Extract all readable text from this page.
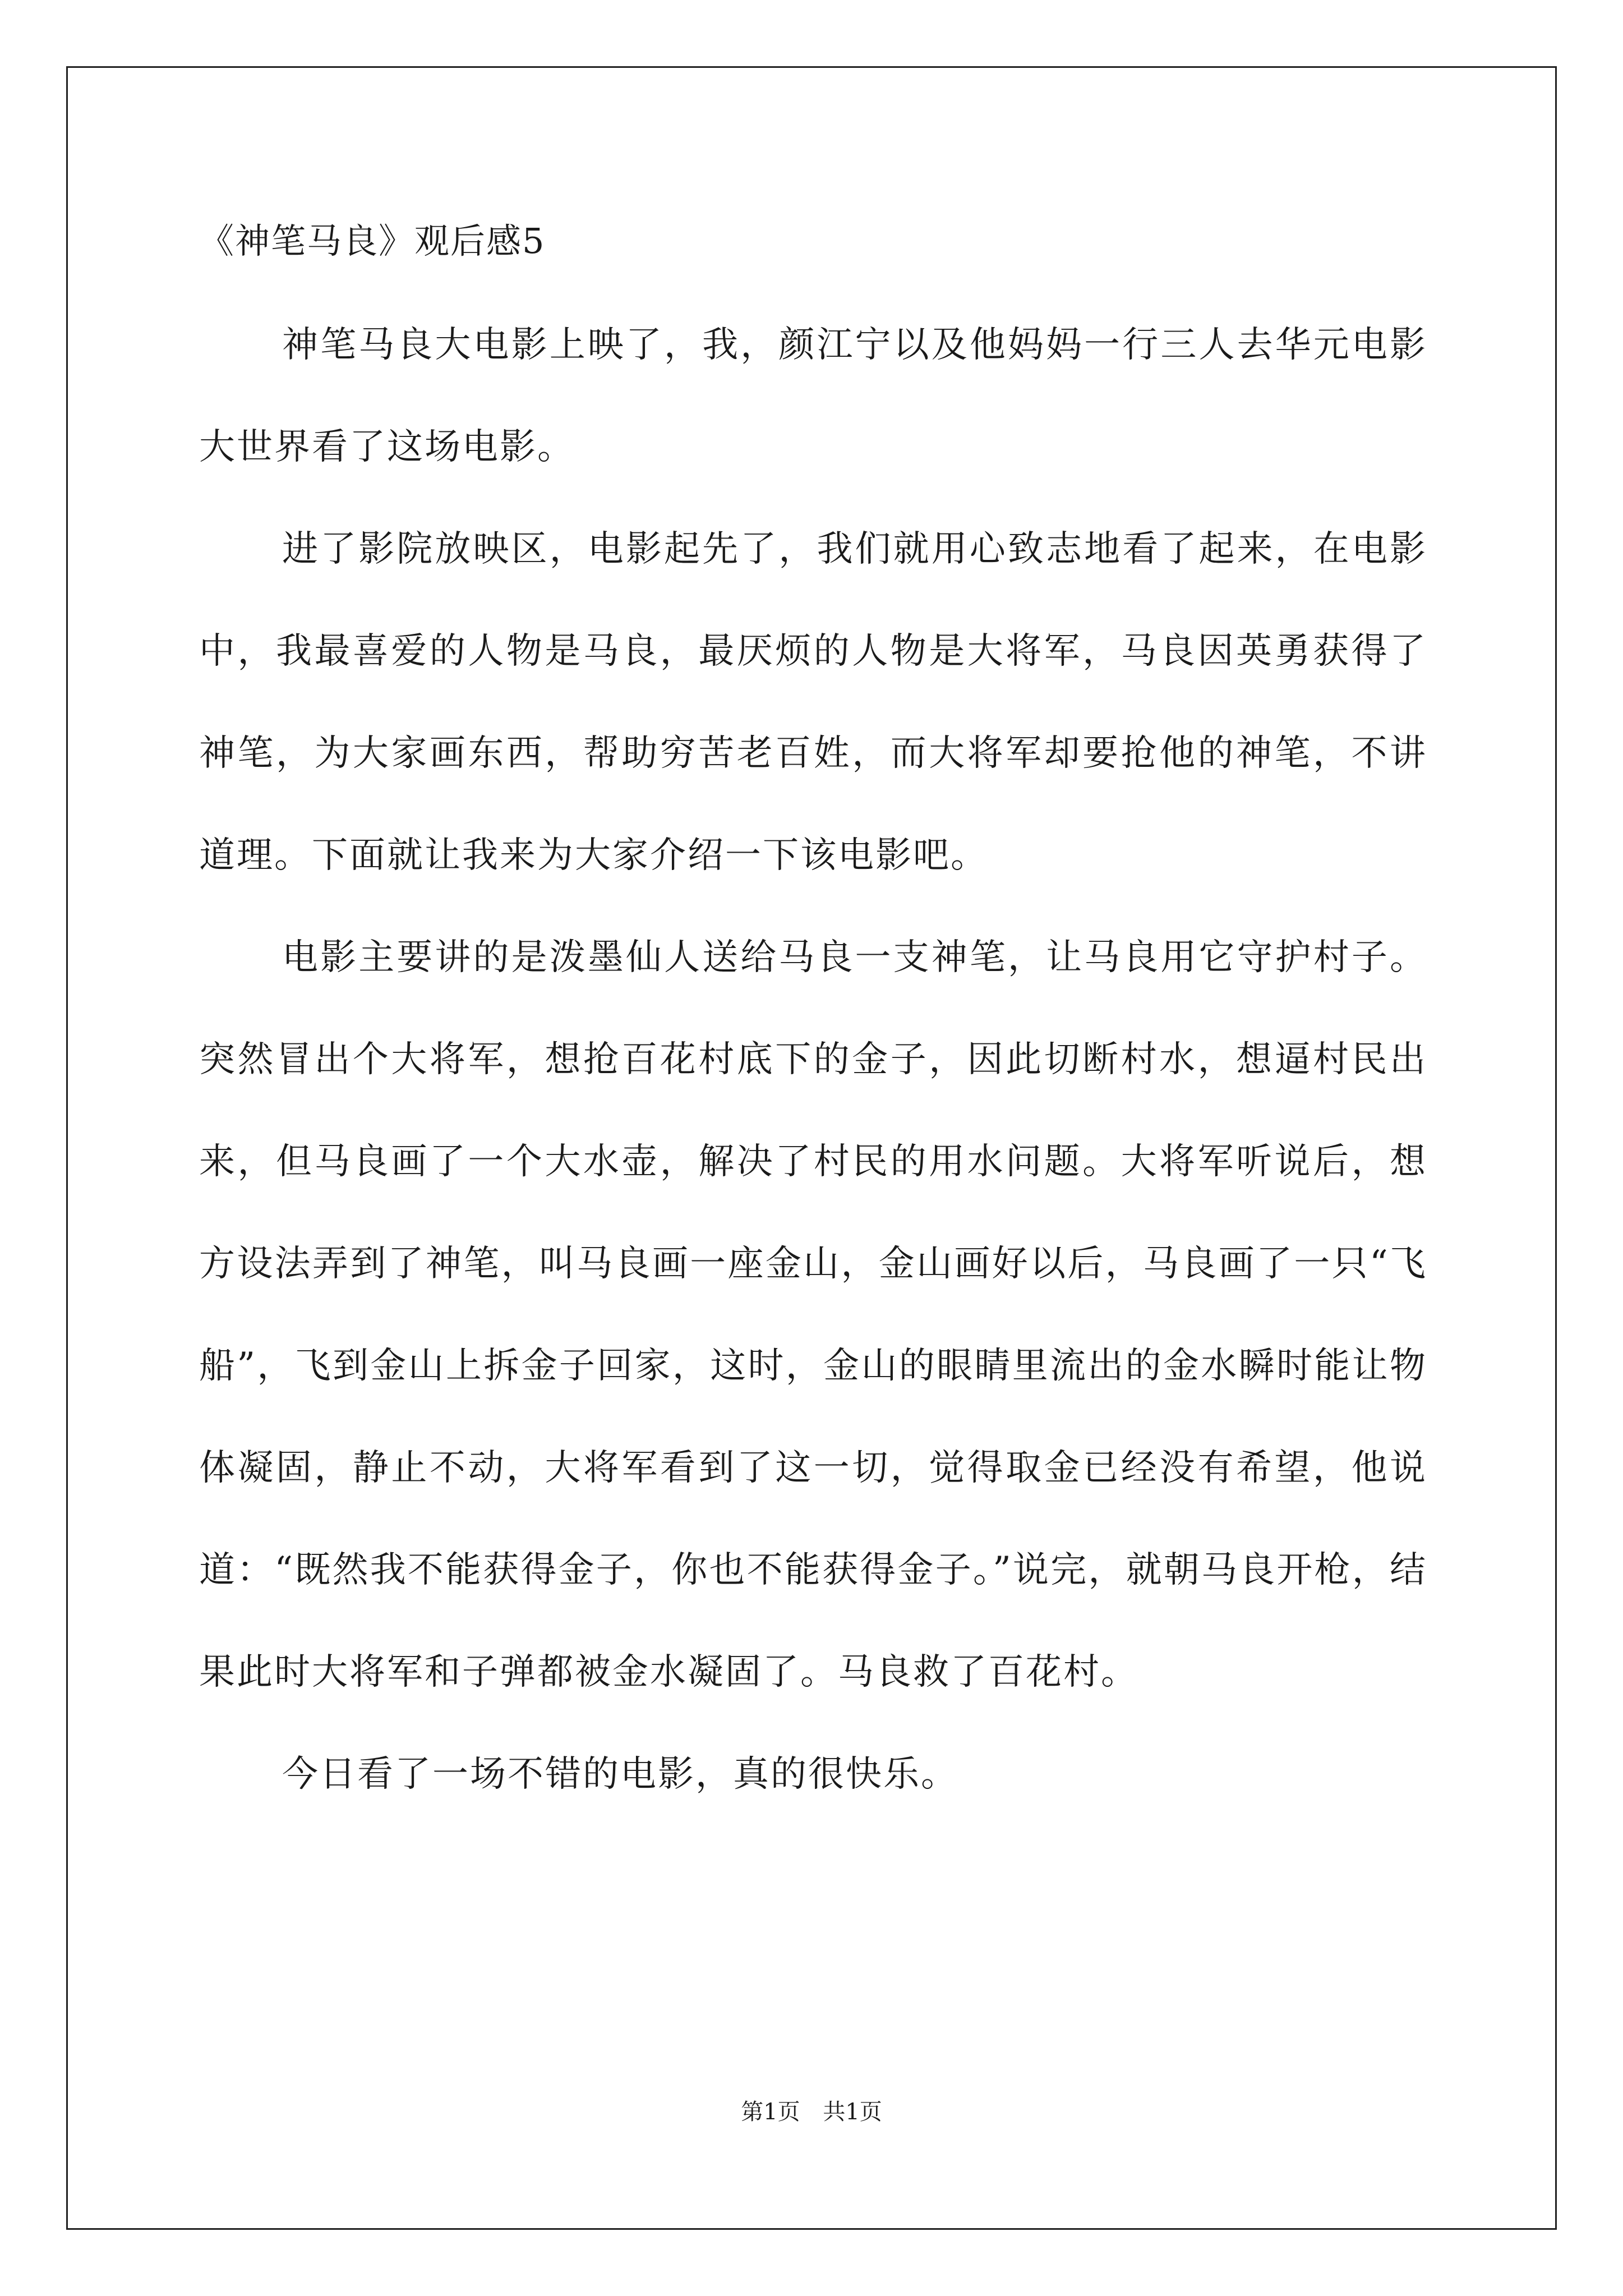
《神笔马良》观后感5

神笔马良大电影上映了，我，颜江宁以及他妈妈一行三人去华元电影大世界看了这场电影。

进了影院放映区，电影起先了，我们就用心致志地看了起来，在电影中，我最喜爱的人物是马良，最厌烦的人物是大将军，马良因英勇获得了神笔，为大家画东西，帮助穷苦老百姓，而大将军却要抢他的神笔，不讲道理。下面就让我来为大家介绍一下该电影吧。

电影主要讲的是泼墨仙人送给马良一支神笔，让马良用它守护村子。突然冒出个大将军，想抢百花村底下的金子，因此切断村水，想逼村民出来，但马良画了一个大水壶，解决了村民的用水问题。大将军听说后，想方设法弄到了神笔，叫马良画一座金山，金山画好以后，马良画了一只“飞船”，飞到金山上拆金子回家，这时，金山的眼睛里流出的金水瞬时能让物体凝固，静止不动，大将军看到了这一切，觉得取金已经没有希望，他说道：“既然我不能获得金子，你也不能获得金子。”说完，就朝马良开枪，结果此时大将军和子弹都被金水凝固了。马良救了百花村。

今日看了一场不错的电影，真的很快乐。

第1页 共1页
